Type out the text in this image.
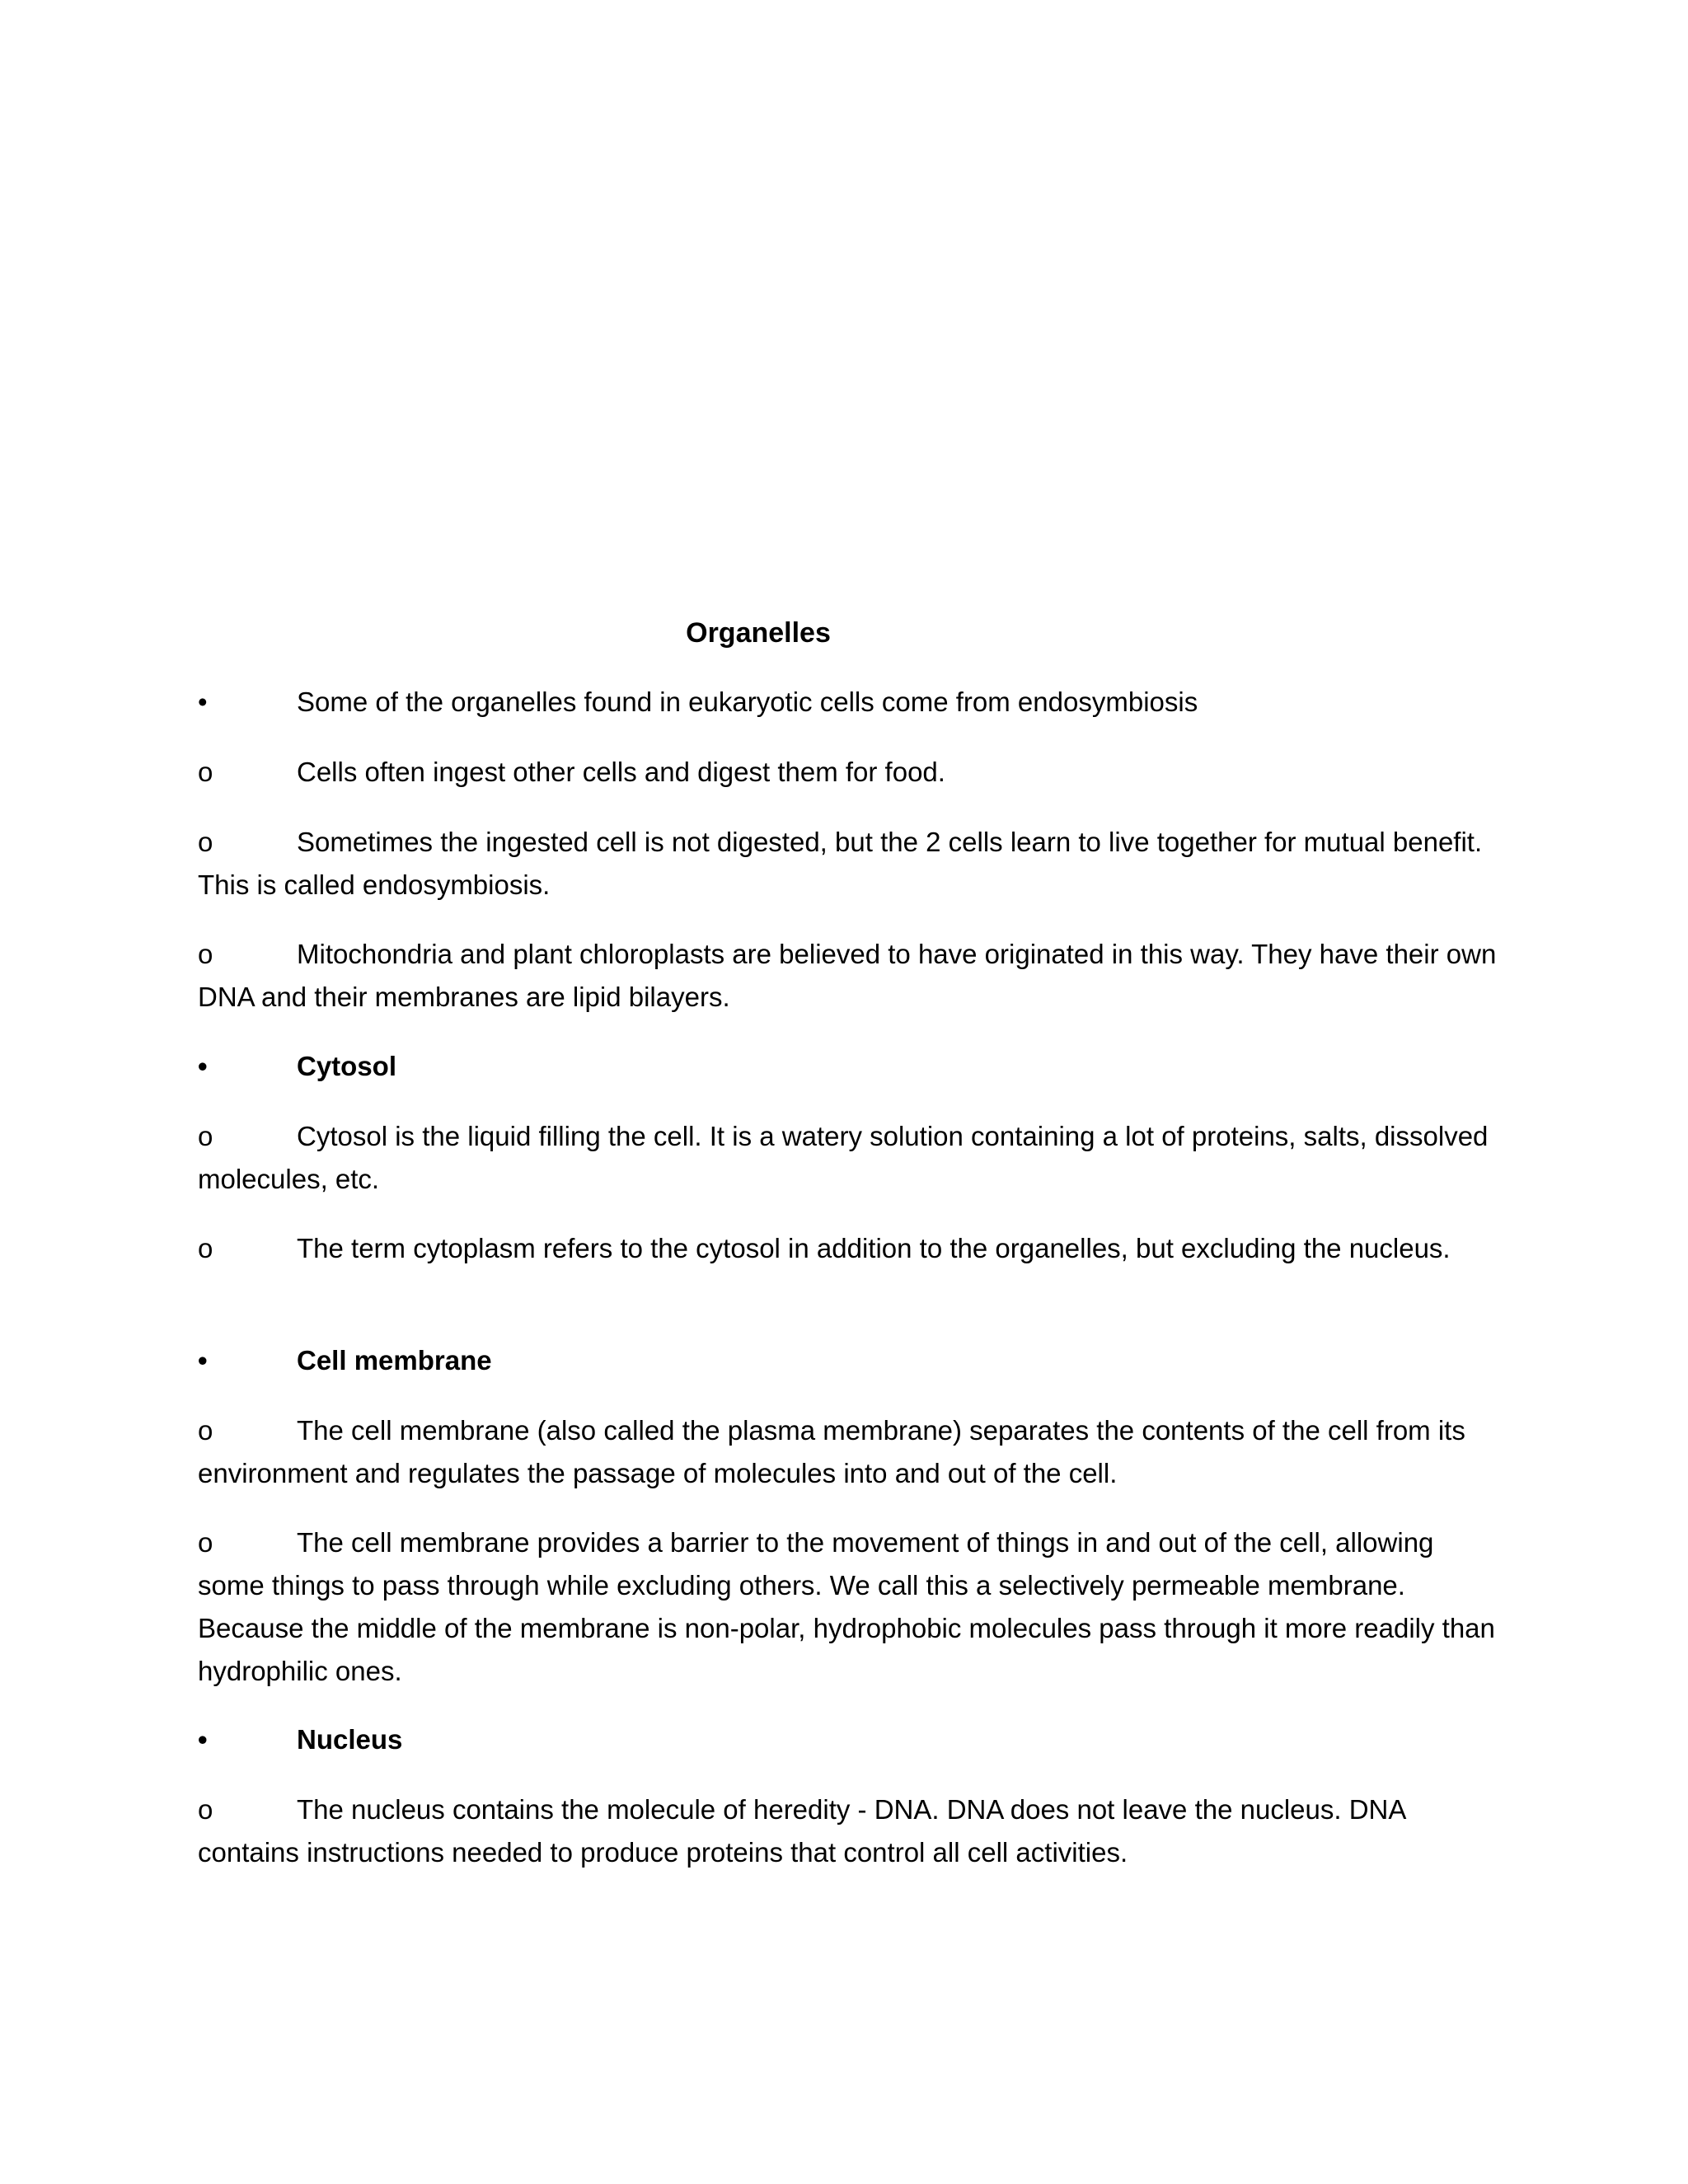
Organelles

•	Some of the organelles found in eukaryotic cells come from endosymbiosis

o	Cells often ingest other cells and digest them for food.

o	Sometimes the ingested cell is not digested, but the 2 cells learn to live together for mutual benefit. This is called endosymbiosis.

o	Mitochondria and plant chloroplasts are believed to have originated in this way. They have their own DNA and their membranes are lipid bilayers.

•	Cytosol

o	Cytosol is the liquid filling the cell. It is a watery solution containing a lot of proteins, salts, dissolved molecules, etc.

o	The term cytoplasm refers to the cytosol in addition to the organelles, but excluding the nucleus.

•	Cell membrane

o	The cell membrane (also called the plasma membrane) separates the contents of the cell from its environment and regulates the passage of molecules into and out of the cell.

o	The cell membrane provides a barrier to the movement of things in and out of the cell, allowing some things to pass through while excluding others. We call this a selectively permeable membrane. Because the middle of the membrane is non-polar, hydrophobic molecules pass through it more readily than hydrophilic ones.

•	Nucleus

o	The nucleus contains the molecule of heredity - DNA. DNA does not leave the nucleus. DNA contains instructions needed to produce proteins that control all cell activities.
